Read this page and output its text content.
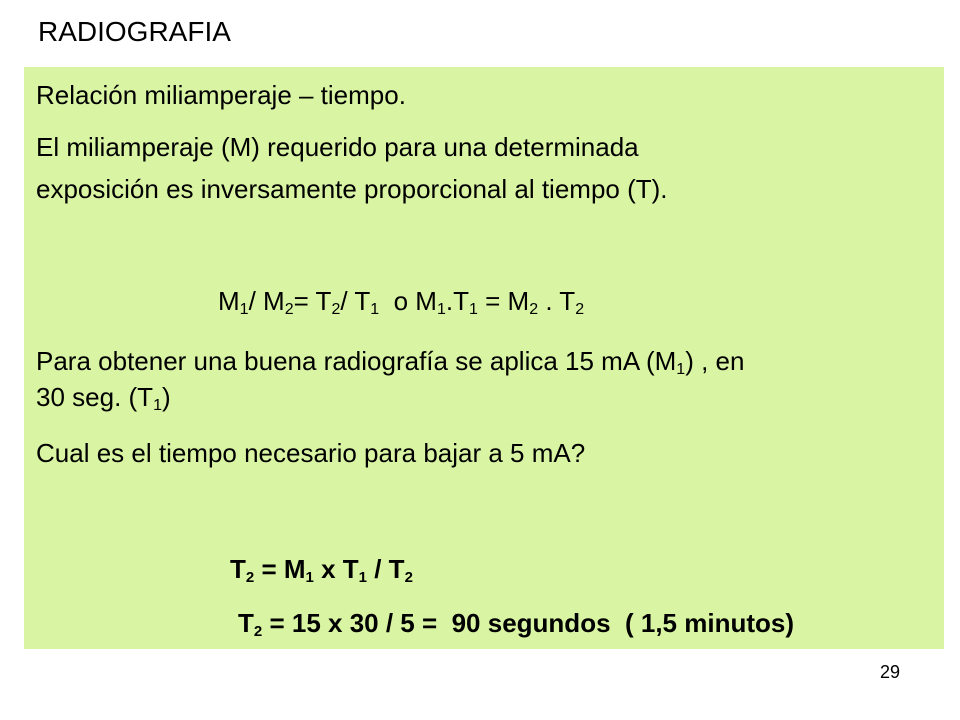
RADIOGRAFIA
Relación miliamperaje – tiempo.
El miliamperaje (M) requerido para una determinada
exposición es inversamente proporcional al tiempo (T).
$M_1/$ $M_2= T_2/$ $T_1$  o $M_1.T_1 = M_2$ . $T_2$
Para obtener una buena radiografía se aplica 15 mA $(M_1)$ , en
30 seg. $(T_1)$
Cual es el tiempo necesario para bajar a 5 mA?
$T_2 = M_1$ x $T_1 / T_2$
$T_2 = 15$ x 30 / 5 =  90 segundos  ( 1,5 minutos)
29
